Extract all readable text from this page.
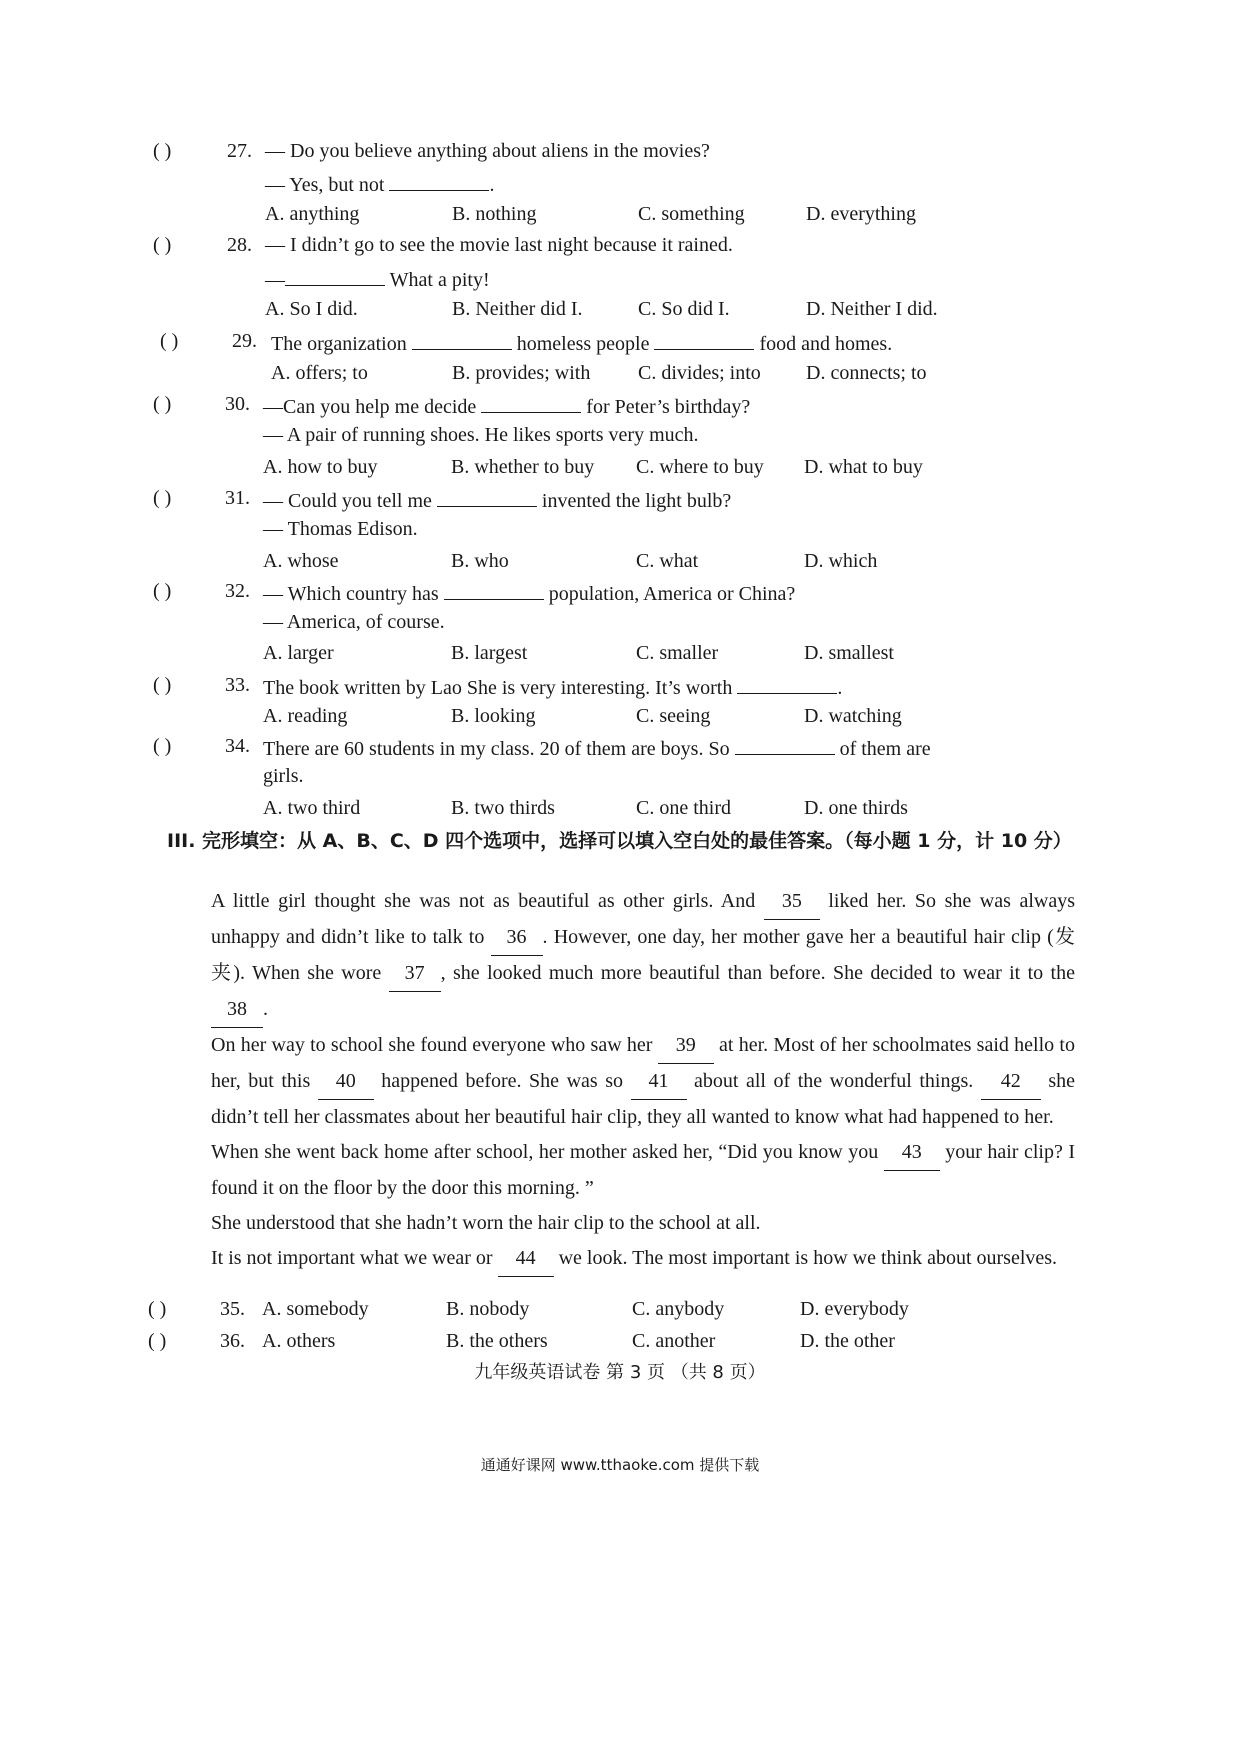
( )	27. — Do you believe anything about aliens in the movies?
— Yes, but not	.
A. anything	B. nothing	C. something	D. everything
( )	28. — I didn’t go to see the movie last night because it rained.
—	What a pity!
A. So I did.	B. Neither did I.	C. So did I.	D. Neither I did.
( )	29. The organization	homeless people	food and homes.
A. offers; to	B. provides; with C. divides; into D. connects; to
( )	30. —Can you help me decide	for Peter’s birthday?
— A pair of running shoes. He likes sports very much.
A. how to buy	B. whether to buy C. where to buy D. what to buy
( )	31. — Could you tell me	invented the light bulb?
— Thomas Edison.
A. whose	B. who	C. what	D. which
( )	32. — Which country has	population, America or China?
— America, of course.
A. larger	B. largest	C. smaller	D. smallest
( )	33. The book written by Lao She is very interesting. It’s worth	.
A. reading	B. looking	C. seeing	D. watching
( )	34. There are 60 students in my class. 20 of them are boys. So	of them are
girls.
A. two third	B. two thirds	C. one third	D. one thirds
III. 完形填空：从 A、B、C、D 四个选项中，选择可以填入空白处的最佳答案。（每小题 1 分，计 10 分）
A little girl thought she was not as beautiful as other girls. And 35 liked her. So she was always unhappy and didn’t like to talk to 36 . However, one day, her mother gave her a beautiful hair clip (发夹). When she wore 37 , she looked much more beautiful than before. She decided to wear it to the 38 .
On her way to school she found everyone who saw her 39 at her. Most of her schoolmates said hello to her, but this 40 happened before. She was so 41 about all of the wonderful things. 42 she didn’t tell her classmates about her beautiful hair clip, they all wanted to know what had happened to her.
When she went back home after school, her mother asked her, “Did you know you 43 your hair clip? I found it on the floor by the door this morning. ”
She understood that she hadn’t worn the hair clip to the school at all.
It is not important what we wear or 44 we look. The most important is how we think about ourselves.
( )	35. A. somebody	B. nobody	C. anybody	D. everybody
( )	36. A. others	B. the others	C. another	D. the other
九年级英语试卷 第 3 页 （共 8 页）
通通好课网 www.tthaoke.com 提供下载
